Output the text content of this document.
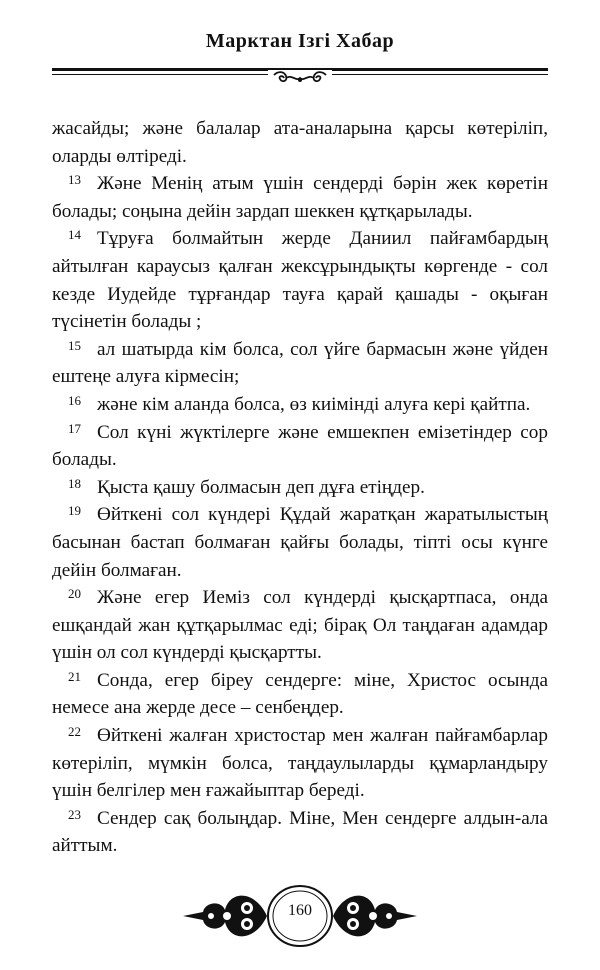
Марктан Ізгі Хабар

жасайды; және балалар ата-аналарына қарсы көтеріліп, оларды өлтіреді.

13 Және Менің атым үшін сендерді бәрін жек көретін болады; соңына дейін зардап шеккен құтқарылады.

14 Тұруға болмайтын жерде Даниил пайғамбардың айтылған караусыз қалған жексұрындықты көргенде - сол кезде Иудейде тұрғандар тауға қарай қашады - оқыған түсінетін болады ;

15 ал шатырда кім болса, сол үйге бармасын және үйден ештеңе алуға кірмесін;

16 және кім аланда болса, өз киімінді алуға кері қайтпа.

17 Сол күні жүктілерге және емшекпен емізетіндер сор болады.

18 Қыста қашу болмасын деп дұға етіңдер.

19 Өйткені сол күндері Құдай жаратқан жаратылыстың басынан бастап болмаған қайғы болады, тіпті осы күнге дейін болмаған.

20 Және егер Иеміз сол күндерді қысқартпаса, онда ешқандай жан құтқарылмас еді; бірақ Ол таңдаған адамдар үшін ол сол күндерді қысқартты.

21 Сонда, егер біреу сендерге: міне, Христос осында немесе ана жерде десе – сенбеңдер.

22 Өйткені жалған христостар мен жалған пайғамбарлар көтеріліп, мүмкін болса, таңдаулыларды құмарландыру үшін белгілер мен ғажайыптар береді.

23 Сендер сақ болыңдар. Міне, Мен сендерге алдын-ала айттым.

160
